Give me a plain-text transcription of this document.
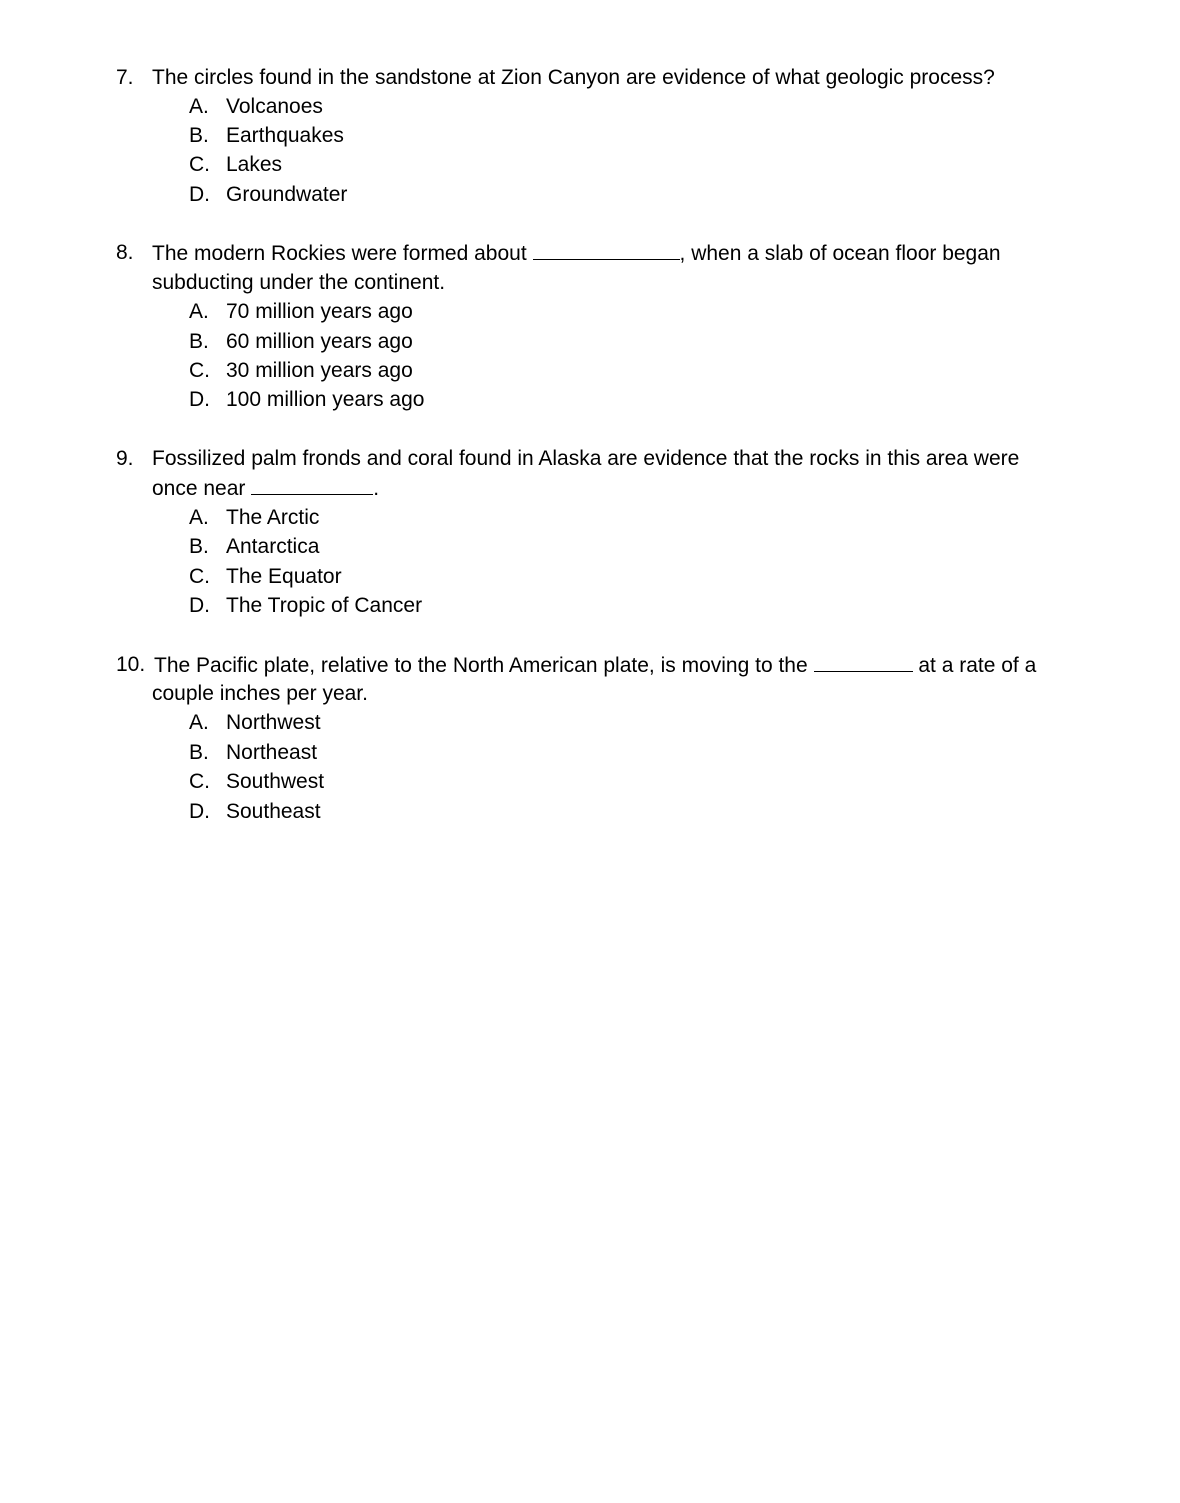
7. The circles found in the sandstone at Zion Canyon are evidence of what geologic process?
A. Volcanoes
B. Earthquakes
C. Lakes
D. Groundwater
8. The modern Rockies were formed about	, when a slab of ocean floor began
subducting under the continent.
A. 70 million years ago
B. 60 million years ago
C. 30 million years ago
D. 100 million years ago
9. Fossilized palm fronds and coral found in Alaska are evidence that the rocks in this area were
once near	.
A. The Arctic
B. Antarctica
C. The Equator
D. The Tropic of Cancer
10. The Pacific plate, relative to the North American plate, is moving to the	at a rate of a
couple inches per year.
A. Northwest
B. Northeast
C. Southwest
D. Southeast
